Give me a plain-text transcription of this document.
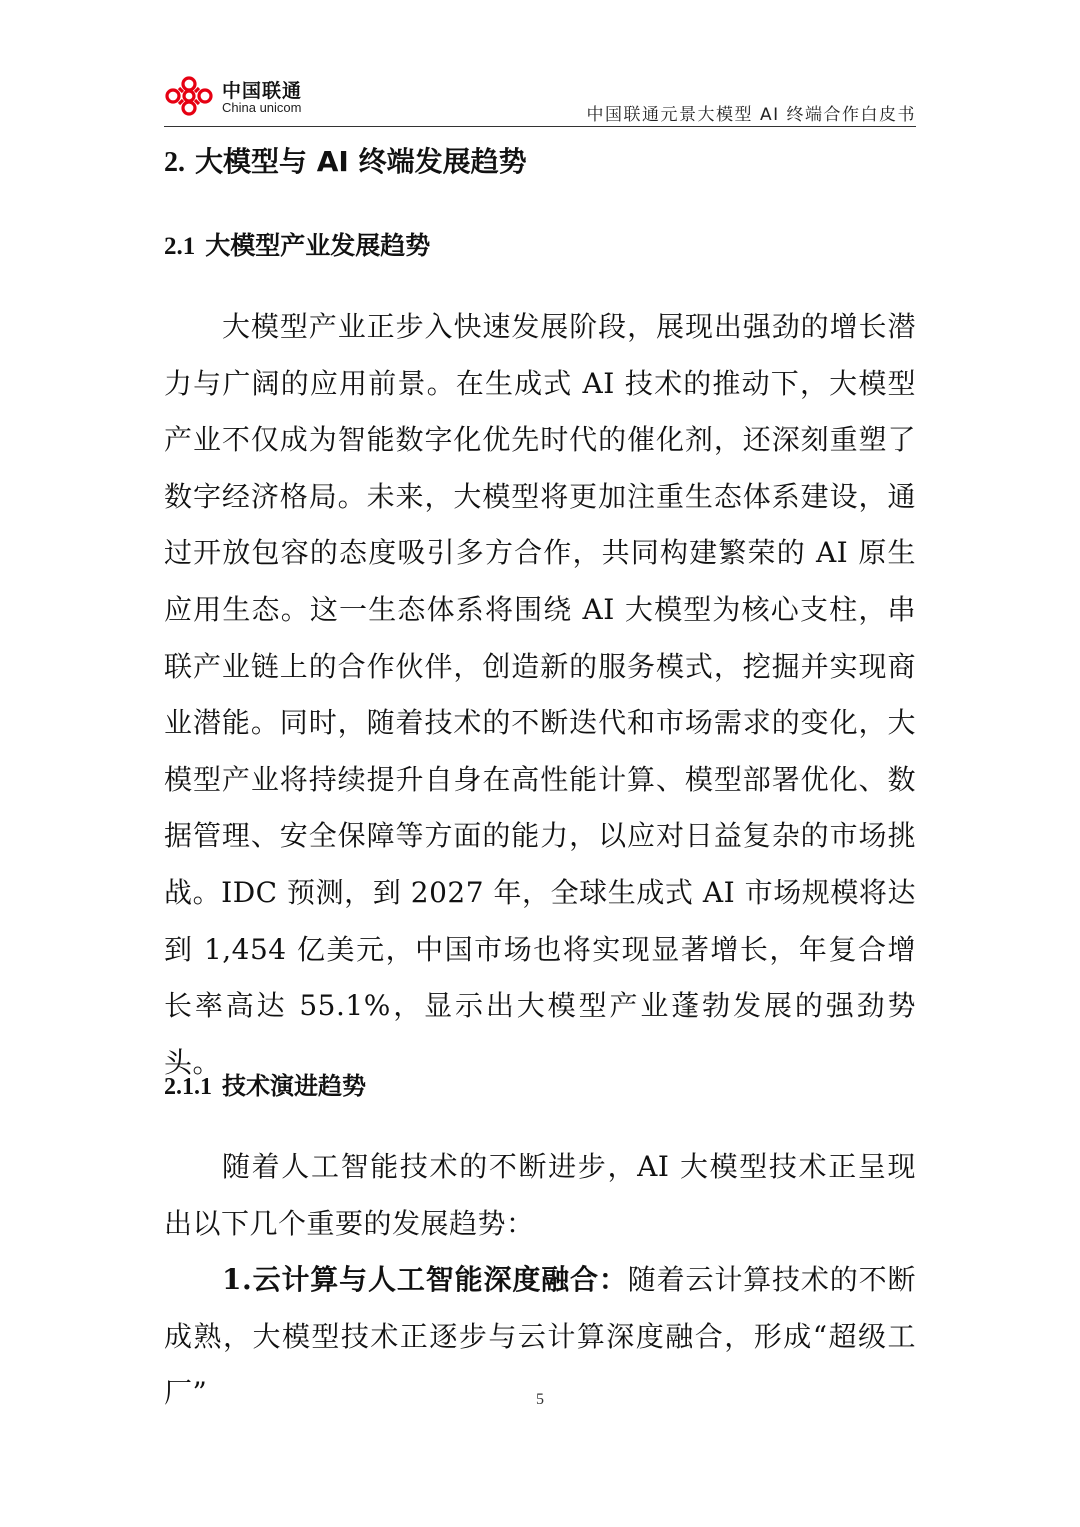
中国联通
China unicom	中国联通元景大模型 AI 终端合作白皮书
2. 大模型与 AI 终端发展趋势
2.1 大模型产业发展趋势

大模型产业正步入快速发展阶段，展现出强劲的增长潜力与广阔的应用前景。在生成式 AI 技术的推动下，大模型产业不仅成为智能数字化优先时代的催化剂，还深刻重塑了数字经济格局。未来，大模型将更加注重生态体系建设，通过开放包容的态度吸引多方合作，共同构建繁荣的 AI 原生应用生态。这一生态体系将围绕 AI 大模型为核心支柱，串联产业链上的合作伙伴，创造新的服务模式，挖掘并实现商业潜能。同时，随着技术的不断迭代和市场需求的变化，大模型产业将持续提升自身在高性能计算、模型部署优化、数据管理、安全保障等方面的能力，以应对日益复杂的市场挑战。IDC 预测，到 2027 年，全球生成式 AI 市场规模将达到 1,454 亿美元，中国市场也将实现显著增长，年复合增长率高达 55.1%，显示出大模型产业蓬勃发展的强劲势头。

2.1.1 技术演进趋势

随着人工智能技术的不断进步，AI 大模型技术正呈现出以下几个重要的发展趋势：

1.云计算与人工智能深度融合：随着云计算技术的不断成熟，大模型技术正逐步与云计算深度融合，形成“超级工厂”	5
